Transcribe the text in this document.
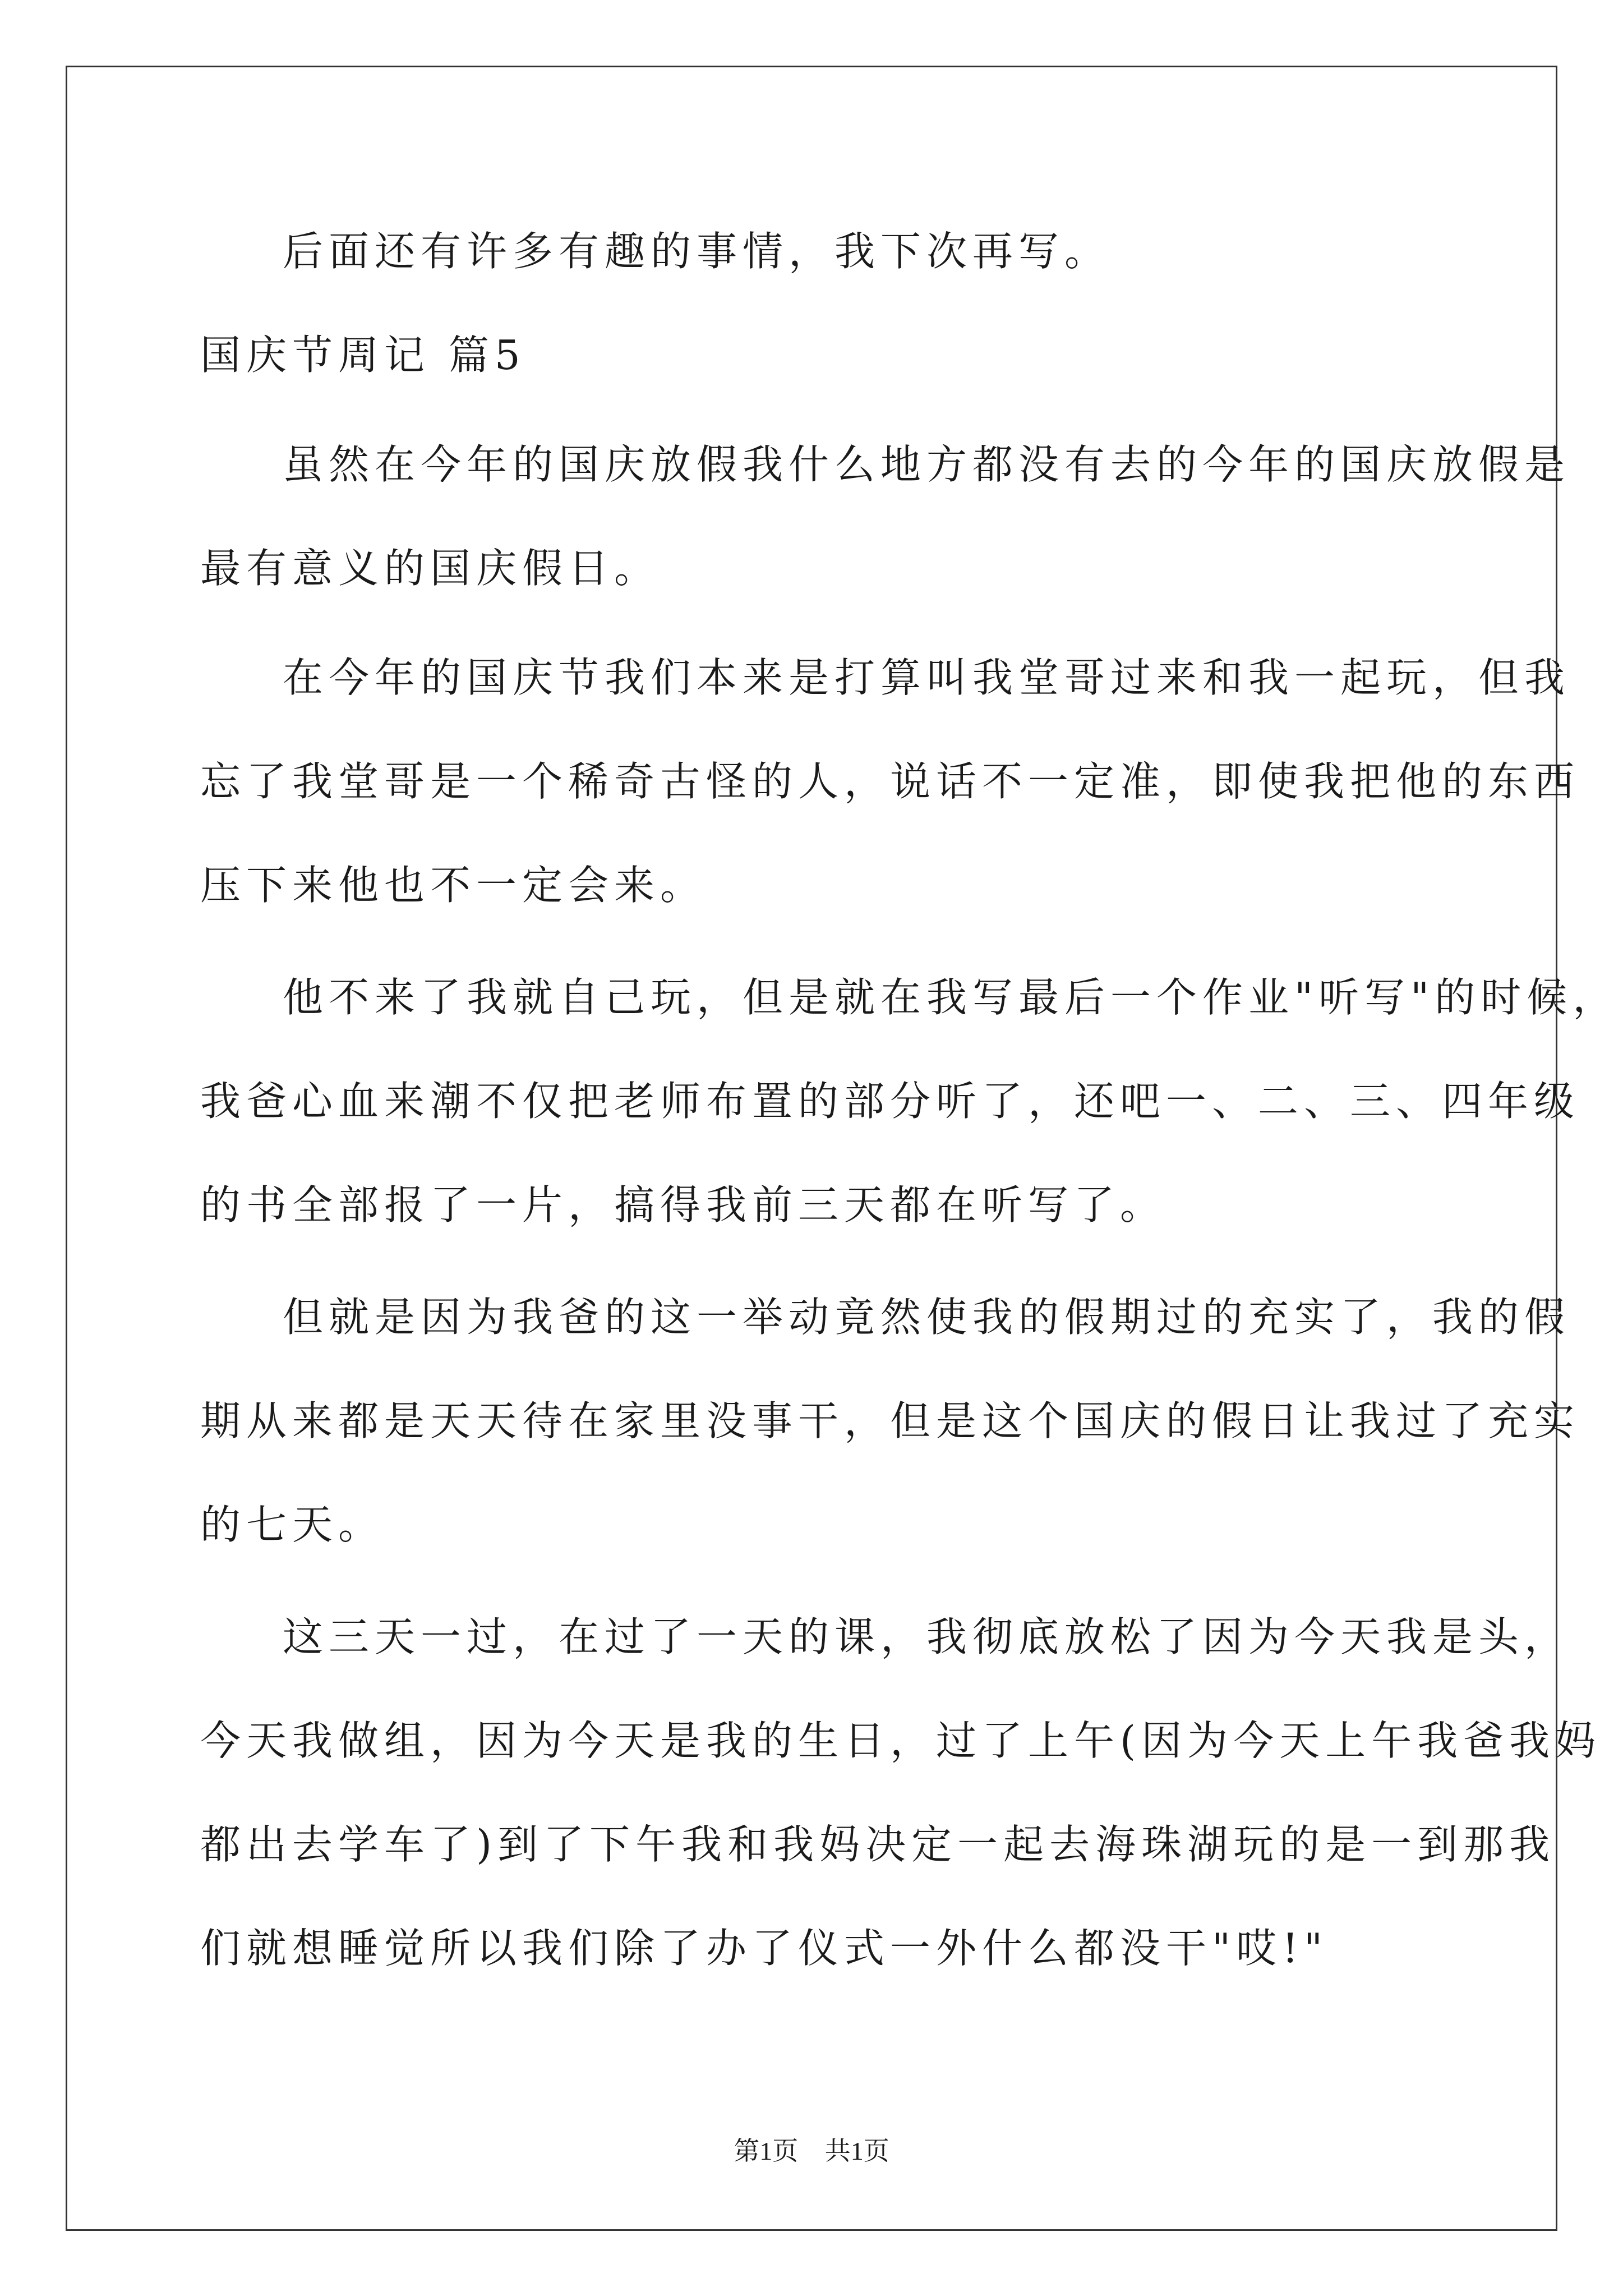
后面还有许多有趣的事情，我下次再写。
国庆节周记 篇5
虽然在今年的国庆放假我什么地方都没有去的今年的国庆放假是
最有意义的国庆假日。
在今年的国庆节我们本来是打算叫我堂哥过来和我一起玩，但我
忘了我堂哥是一个稀奇古怪的人，说话不一定准，即使我把他的东西
压下来他也不一定会来。
他不来了我就自己玩，但是就在我写最后一个作业"听写"的时候，
我爸心血来潮不仅把老师布置的部分听了，还吧一、二、三、四年级
的书全部报了一片，搞得我前三天都在听写了。
但就是因为我爸的这一举动竟然使我的假期过的充实了，我的假
期从来都是天天待在家里没事干，但是这个国庆的假日让我过了充实
的七天。
这三天一过，在过了一天的课，我彻底放松了因为今天我是头，
今天我做组，因为今天是我的生日，过了上午(因为今天上午我爸我妈
都出去学车了)到了下午我和我妈决定一起去海珠湖玩的是一到那我
们就想睡觉所以我们除了办了仪式一外什么都没干"哎!"
第1页 共1页
